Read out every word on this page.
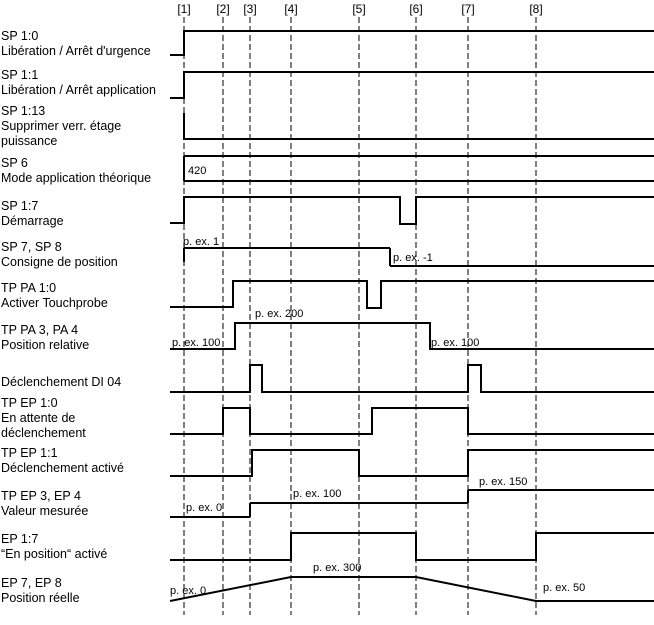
[1]	[2]	[3]	[4]	[5]	[6]	[7]	[8]
SP 1:0
Libération / Arrêt d'urgence
SP 1:1
Libération / Arrêt application
SP 1:13
Supprimer verr. étage
puissance
SP 6
Mode application théorique
SP 1:7
Démarrage
SP 7, SP 8
Consigne de position
TP PA 1:0
Activer Touchprobe
TP PA 3, PA 4
Position relative
Déclenchement DI 04
TP EP 1:0
En attente de
déclenchement
TP EP 1:1
Déclenchement activé
TP EP 3, EP 4
Valeur mesurée
EP 1:7
“En position“ activé
EP 7, EP 8
Position réelle
420
p. ex. 1
p. ex. -1
p. ex. 100
p. ex. 200
p. ex. 100
p. ex. 0
p. ex. 100
p. ex. 150
p. ex. 0
p. ex. 300
p. ex. 50
